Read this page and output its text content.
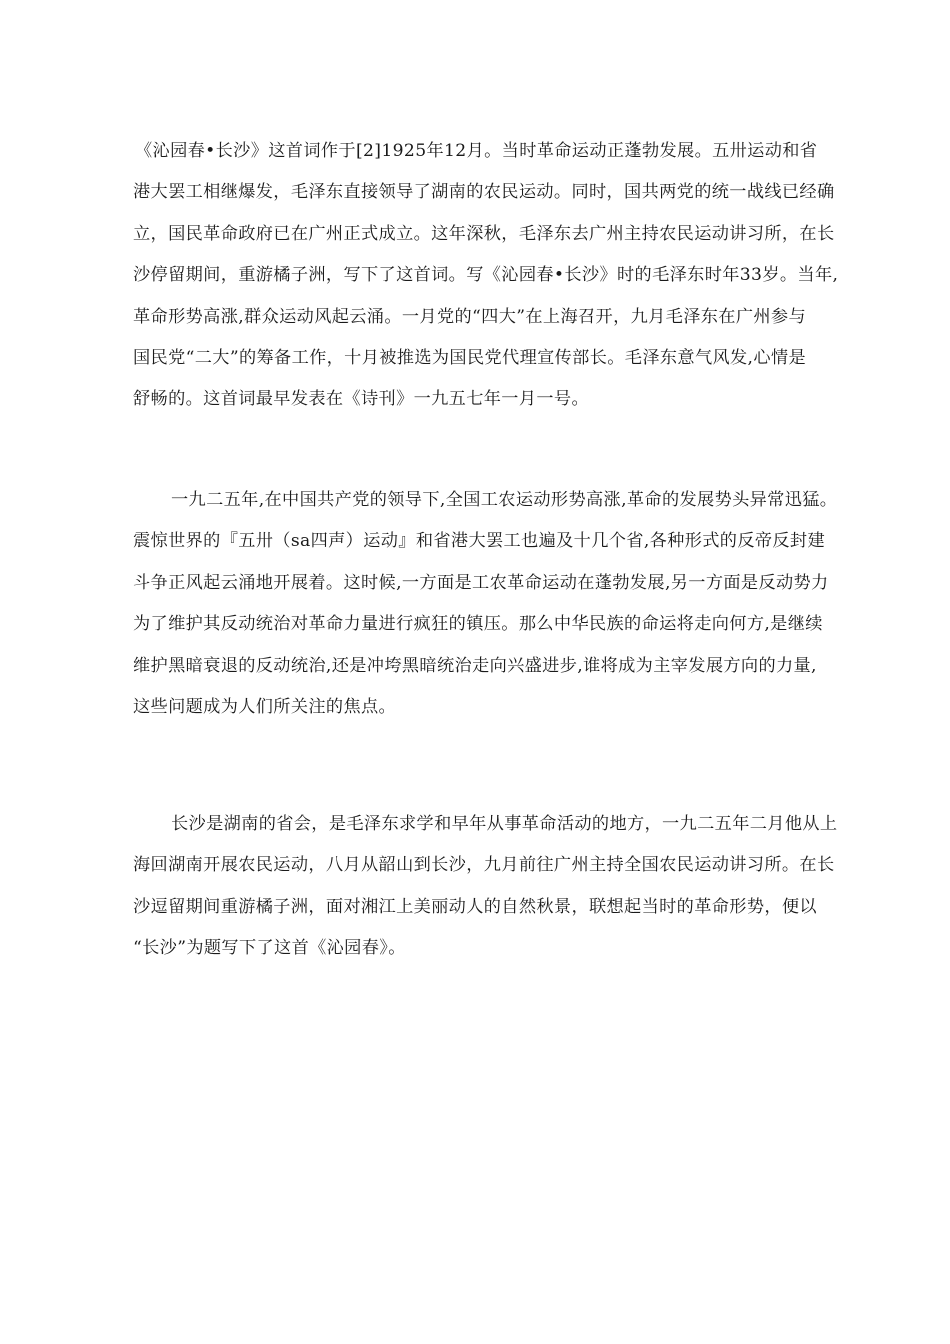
《沁园春•长沙》这首词作于[2]1925年12月。当时革命运动正蓬勃发展。五卅运动和省
港大罢工相继爆发，毛泽东直接领导了湖南的农民运动。同时，国共两党的统一战线已经确
立，国民革命政府已在广州正式成立。这年深秋，毛泽东去广州主持农民运动讲习所，在长
沙停留期间，重游橘子洲，写下了这首词。写《沁园春•长沙》时的毛泽东时年33岁。当年,
革命形势高涨,群众运动风起云涌。一月党的“四大”在上海召开，九月毛泽东在广州参与
国民党“二大”的筹备工作，十月被推选为国民党代理宣传部长。毛泽东意气风发,心情是
舒畅的。这首词最早发表在《诗刊》一九五七年一月一号。

一九二五年,在中国共产党的领导下,全国工农运动形势高涨,革命的发展势头异常迅猛。
震惊世界的『五卅（sa四声）运动』和省港大罢工也遍及十几个省,各种形式的反帝反封建
斗争正风起云涌地开展着。这时候,一方面是工农革命运动在蓬勃发展,另一方面是反动势力
为了维护其反动统治对革命力量进行疯狂的镇压。那么中华民族的命运将走向何方,是继续
维护黑暗衰退的反动统治,还是冲垮黑暗统治走向兴盛进步,谁将成为主宰发展方向的力量,
这些问题成为人们所关注的焦点。

长沙是湖南的省会，是毛泽东求学和早年从事革命活动的地方，一九二五年二月他从上
海回湖南开展农民运动，八月从韶山到长沙，九月前往广州主持全国农民运动讲习所。在长
沙逗留期间重游橘子洲，面对湘江上美丽动人的自然秋景，联想起当时的革命形势，便以
“长沙”为题写下了这首《沁园春》。
